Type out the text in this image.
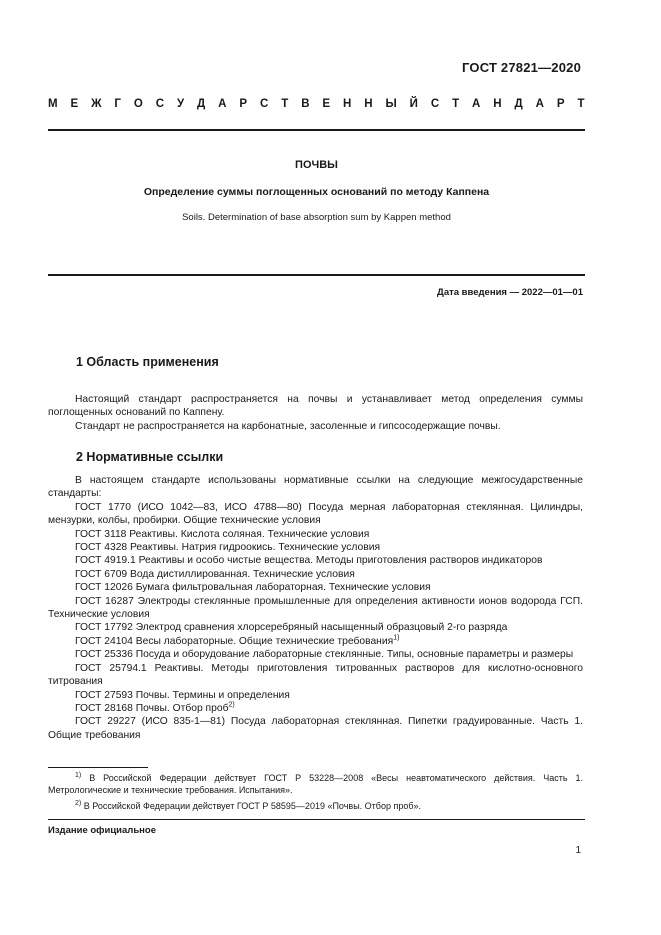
ГОСТ 27821—2020
М Е Ж Г О С У Д А Р С Т В Е Н Н Ы Й С Т А Н Д А Р Т
ПОЧВЫ
Определение суммы поглощенных оснований по методу Каппена
Soils. Determination of base absorption sum by Kappen method
Дата введения — 2022—01—01
1 Область применения

Настоящий стандарт распространяется на почвы и устанавливает метод определения суммы поглощенных оснований по Каппену.

Стандарт не распространяется на карбонатные, засоленные и гипсосодержащие почвы.

2 Нормативные ссылки

В настоящем стандарте использованы нормативные ссылки на следующие межгосударственные стандарты:

ГОСТ 1770 (ИСО 1042—83, ИСО 4788—80) Посуда мерная лабораторная стеклянная. Цилиндры, мензурки, колбы, пробирки. Общие технические условия

ГОСТ 3118 Реактивы. Кислота соляная. Технические условия

ГОСТ 4328 Реактивы. Натрия гидроокись. Технические условия

ГОСТ 4919.1 Реактивы и особо чистые вещества. Методы приготовления растворов индикаторов

ГОСТ 6709 Вода дистиллированная. Технические условия

ГОСТ 12026 Бумага фильтровальная лабораторная. Технические условия

ГОСТ 16287 Электроды стеклянные промышленные для определения активности ионов водорода ГСП. Технические условия

ГОСТ 17792 Электрод сравнения хлорсеребряный насыщенный образцовый 2-го разряда

ГОСТ 24104 Весы лабораторные. Общие технические требования$^{1)}$

ГОСТ 25336 Посуда и оборудование лабораторные стеклянные. Типы, основные параметры и размеры

ГОСТ 25794.1 Реактивы. Методы приготовления титрованных растворов для кислотно-основного титрования

ГОСТ 27593 Почвы. Термины и определения

ГОСТ 28168 Почвы. Отбор проб$^{2)}$

ГОСТ 29227 (ИСО 835-1—81) Посуда лабораторная стеклянная. Пипетки градуированные. Часть 1. Общие требования

$^{1)}$ В Российской Федерации действует ГОСТ Р 53228—2008 «Весы неавтоматического действия. Часть 1. Метрологические и технические требования. Испытания».

$^{2)}$ В Российской Федерации действует ГОСТ Р 58595—2019 «Почвы. Отбор проб».

Издание официальное
1
